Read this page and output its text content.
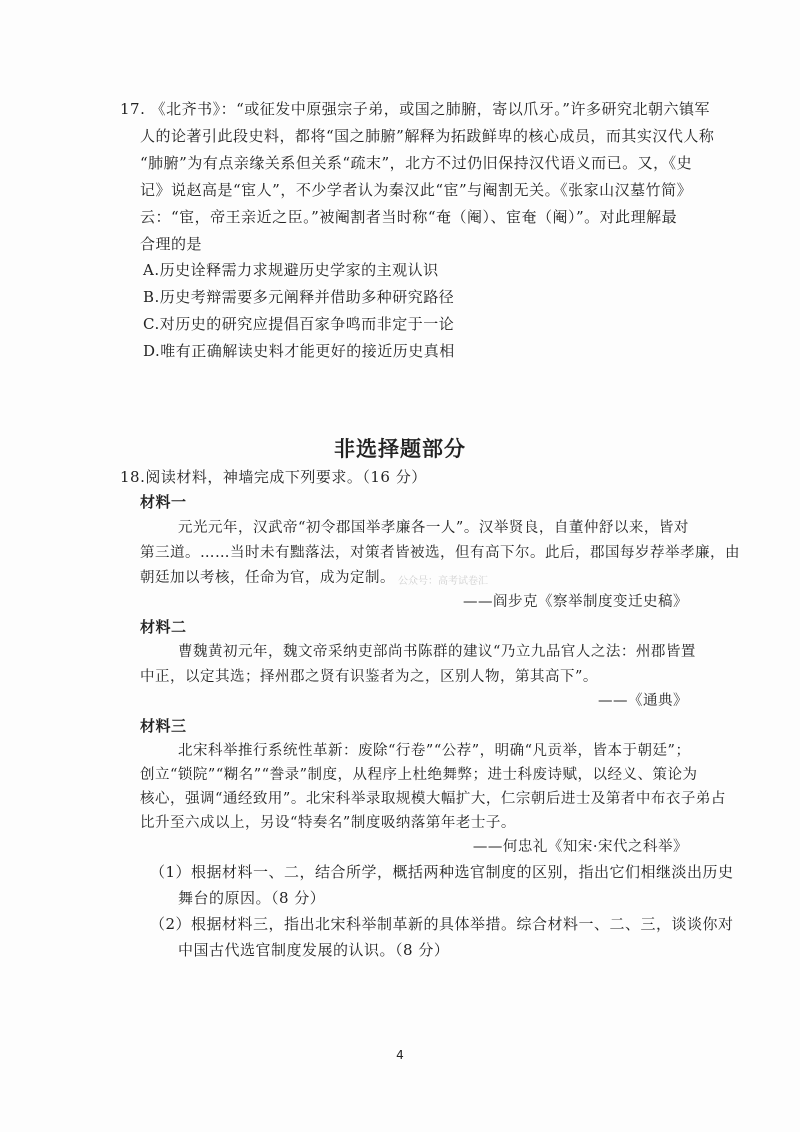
17. 《北齐书》：“或征发中原强宗子弟，或国之肺腑，寄以爪牙。”许多研究北朝六镇军
人的论著引此段史料，都将“国之肺腑”解释为拓跋鲜卑的核心成员，而其实汉代人称
“肺腑”为有点亲缘关系但关系“疏末”，北方不过仍旧保持汉代语义而已。又，《史
记》说赵高是“宦人”，不少学者认为秦汉此“宦”与阉割无关。《张家山汉墓竹简》
云：“宦，帝王亲近之臣。”被阉割者当时称“奄（阉）、宦奄（阉）”。对此理解最
合理的是
A.历史诠释需力求规避历史学家的主观认识
B.历史考辩需要多元阐释并借助多种研究路径
C.对历史的研究应提倡百家争鸣而非定于一论
D.唯有正确解读史料才能更好的接近历史真相
非选择题部分
18.阅读材料，神墙完成下列要求。（16 分）
材料一
元光元年，汉武帝“初令郡国举孝廉各一人”。汉举贤良，自董仲舒以来，皆对
第三道。……当时未有黜落法，对策者皆被选，但有高下尔。此后，郡国每岁荐举孝廉，由
朝廷加以考核，任命为官，成为定制。 公众号：高考试卷汇
——阎步克《察举制度变迁史稿》
材料二
曹魏黄初元年，魏文帝采纳吏部尚书陈群的建议“乃立九品官人之法：州郡皆置
中正，以定其选；择州郡之贤有识鉴者为之，区别人物，第其高下”。
——《通典》
材料三
北宋科举推行系统性革新：废除“行卷”“公荐”，明确“凡贡举，皆本于朝廷”；
创立“锁院”“糊名”“誊录”制度，从程序上杜绝舞弊；进士科废诗赋，以经义、策论为
核心，强调“通经致用”。北宋科举录取规模大幅扩大，仁宗朝后进士及第者中布衣子弟占
比升至六成以上，另设“特奏名”制度吸纳落第年老士子。
——何忠礼《知宋·宋代之科举》
（1）根据材料一、二，结合所学，概括两种选官制度的区别，指出它们相继淡出历史
舞台的原因。（8 分）
（2）根据材料三，指出北宋科举制革新的具体举措。综合材料一、二、三，谈谈你对
中国古代选官制度发展的认识。（8 分）
4
